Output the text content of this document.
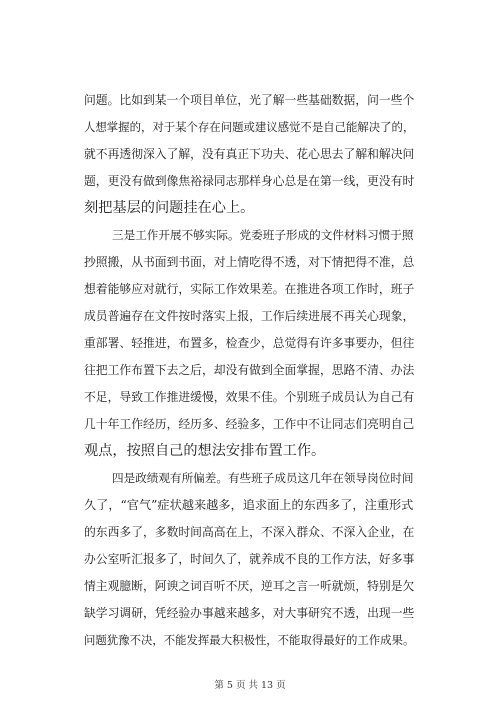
问题。比如到某一个项目单位，光了解一些基础数据，问一些个
人想掌握的，对于某个存在问题或建议感觉不是自己能解决了的，
就不再透彻深入了解，没有真正下功夫、花心思去了解和解决问
题，更没有做到像焦裕禄同志那样身心总是在第一线，更没有时
刻把基层的问题挂在心上。
三是工作开展不够实际。党委班子形成的文件材料习惯于照
抄照搬，从书面到书面，对上情吃得不透，对下情把得不准，总
想着能够应对就行，实际工作效果差。在推进各项工作时，班子
成员普遍存在文件按时落实上报，工作后续进展不再关心现象，
重部署、轻推进，布置多，检查少，总觉得有许多事要办，但往
往把工作布置下去之后，却没有做到全面掌握，思路不清、办法
不足，导致工作推进缓慢，效果不佳。个别班子成员认为自己有
几十年工作经历，经历多、经验多，工作中不让同志们亮明自己
观点，按照自己的想法安排布置工作。
四是政绩观有所偏差。有些班子成员这几年在领导岗位时间
久了，“官气”症状越来越多，追求面上的东西多了，注重形式
的东西多了，多数时间高高在上，不深入群众、不深入企业，在
办公室听汇报多了，时间久了，就养成不良的工作方法，好多事
情主观臆断，阿谀之词百听不厌，逆耳之言一听就烦，特别是欠
缺学习调研，凭经验办事越来越多，对大事研究不透，出现一些
问题犹豫不决，不能发挥最大积极性，不能取得最好的工作成果。
第 5 页 共 13 页
